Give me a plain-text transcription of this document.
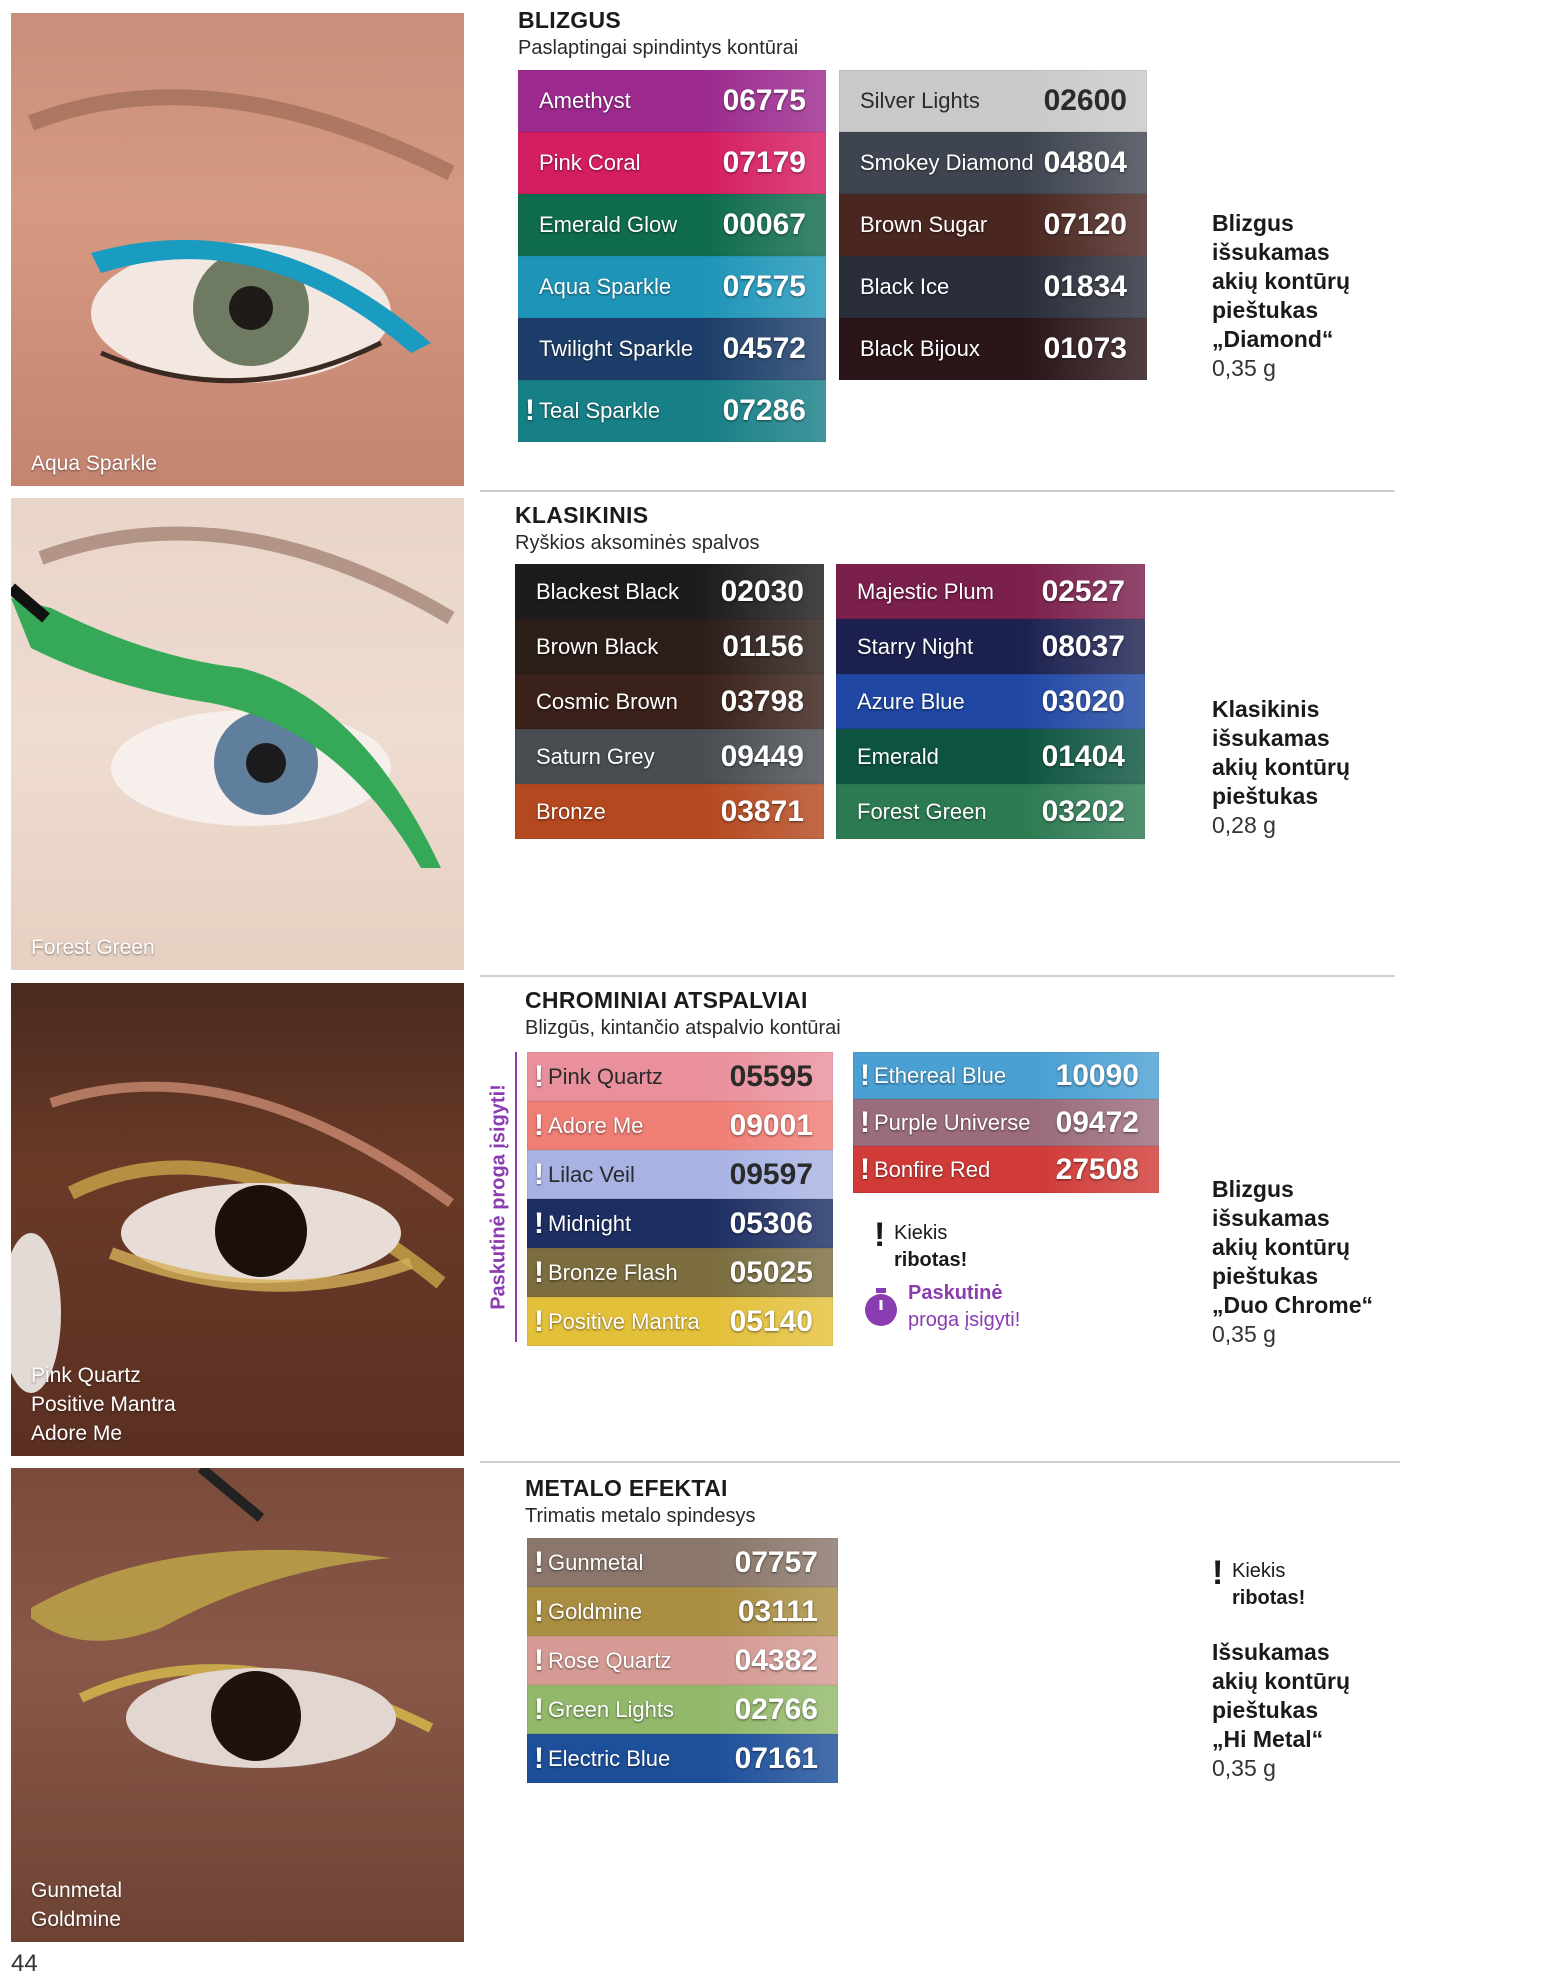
Aqua Sparkle
Forest Green
Pink Quartz
Positive Mantra
Adore Me
Gunmetal
Goldmine
BLIZGUS
Paslaptingai spindintys kontūrai
Amethyst	06775
Pink Coral	07179
Emerald Glow 00067
Aqua Sparkle 07575
Twilight Sparkle 04572
! Teal Sparkle 07286
Silver Lights 02600
Smokey Diamond 04804
Brown Sugar 07120
Black Ice	01834
Black Bijoux 01073
Blizgus
išsukamas
akių kontūrų
pieštukas
„Diamond“
0,35 g
KLASIKINIS
Ryškios aksominės spalvos
Blackest Black 02030
Brown Black 01156
Cosmic Brown 03798
Saturn Grey 09449
Bronze	03871
Majestic Plum 02527
Starry Night 08037
Azure Blue	03020
Emerald	01404
Forest Green 03202
Klasikinis
išsukamas
akių kontūrų
pieštukas
0,28 g
CHROMINIAI ATSPALVIAI
Blizgūs, kintančio atspalvio kontūrai
Paskutinė proga įsigyti!
! Pink Quartz 05595
! Adore Me	09001
! Lilac Veil	09597
! Midnight	05306
! Bronze Flash 05025
! Positive Mantra 05140
! Ethereal Blue 10090
! Purple Universe 09472
! Bonfire Red 27508
! Kiekis
ribotas!
Paskutinė
proga įsigyti!
Blizgus
išsukamas
akių kontūrų
pieštukas
„Duo Chrome“
0,35 g
METALO EFEKTAI
Trimatis metalo spindesys
! Gunmetal	07757
! Goldmine	03111
! Rose Quartz 04382
! Green Lights 02766
! Electric Blue 07161
! Kiekis
ribotas!
Išsukamas
akių kontūrų
pieštukas
„Hi Metal“
0,35 g
44
